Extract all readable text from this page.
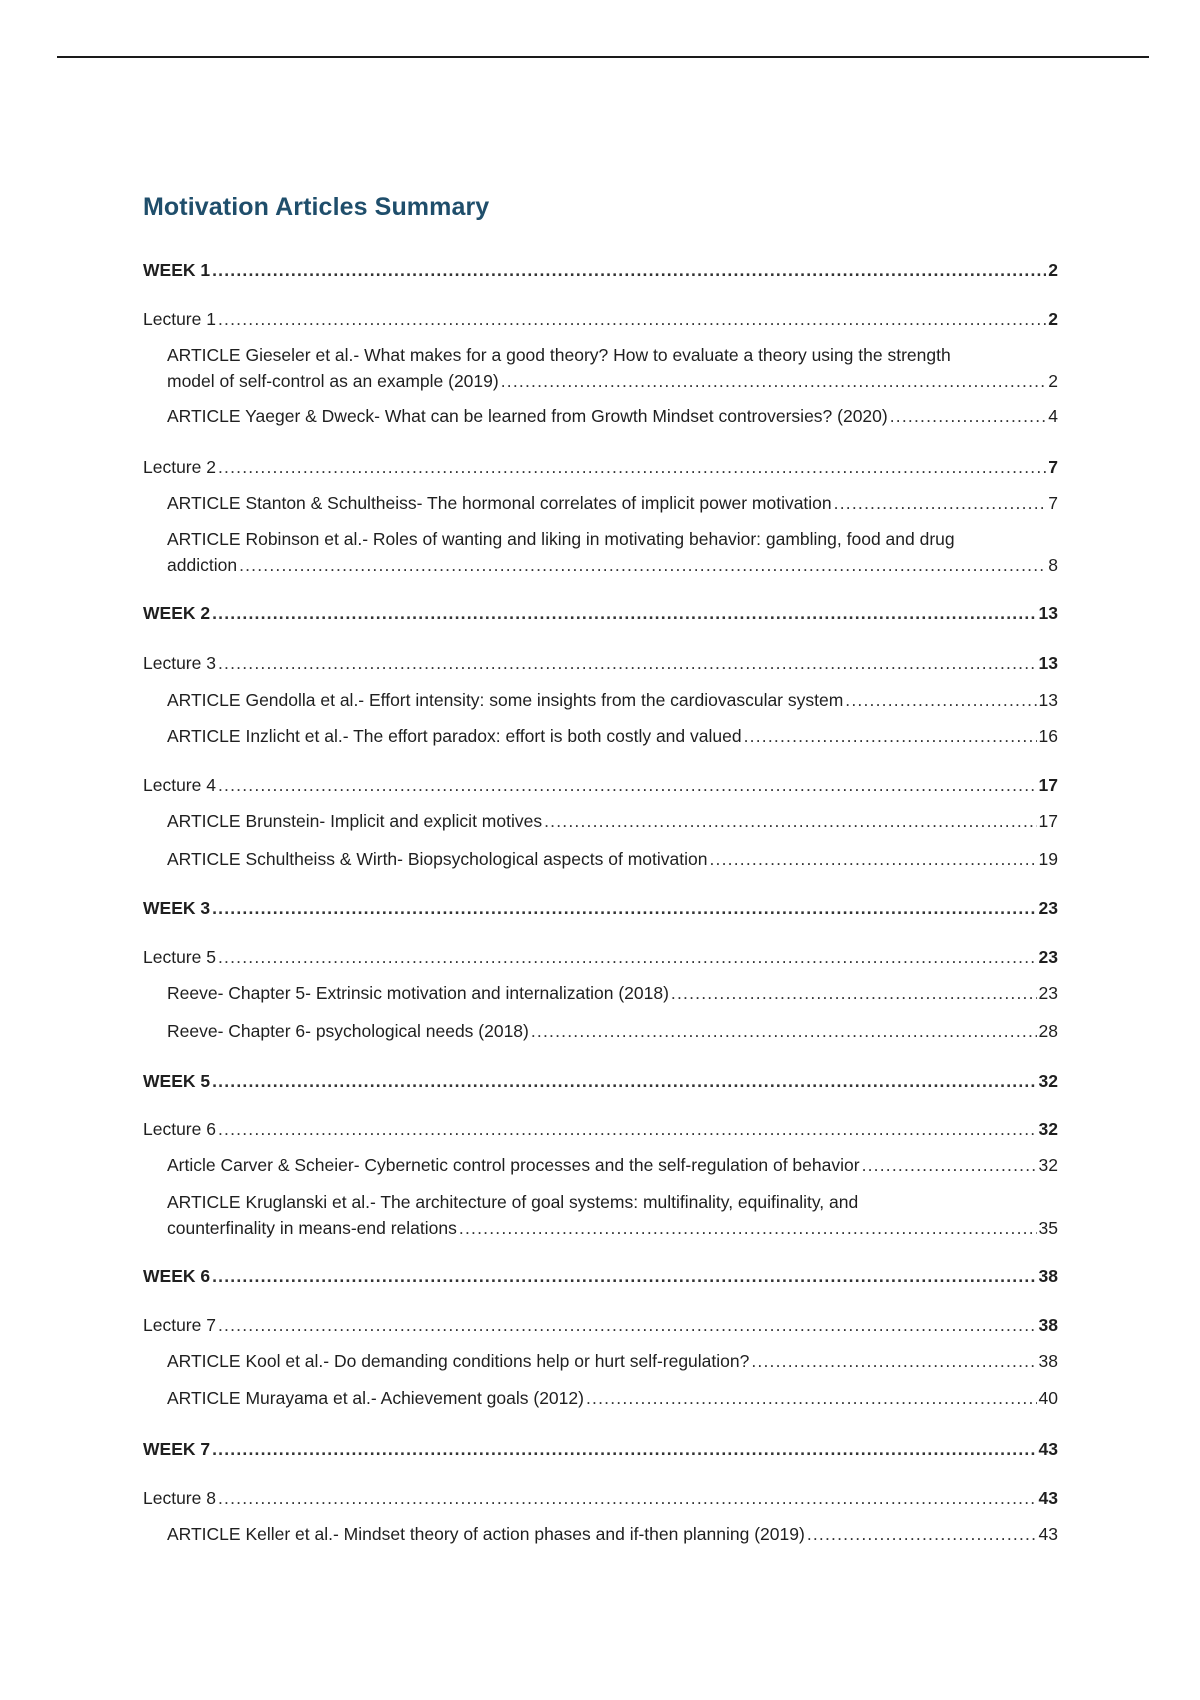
Motivation Articles Summary
WEEK 1 .....	2
Lecture 1 .....	2
ARTICLE Gieseler et al.- What makes for a good theory? How to evaluate a theory using the strength
model of self-control as an example (2019) .....	2
ARTICLE Yaeger & Dweck- What can be learned from Growth Mindset controversies? (2020) .....	4
Lecture 2 .....	7
ARTICLE Stanton & Schultheiss- The hormonal correlates of implicit power motivation .....	7
ARTICLE Robinson et al.- Roles of wanting and liking in motivating behavior: gambling, food and drug
addiction .....	8
WEEK 2 .....	13
Lecture 3 .....	13
ARTICLE Gendolla et al.- Effort intensity: some insights from the cardiovascular system .....	13
ARTICLE Inzlicht et al.- The effort paradox: effort is both costly and valued .....	16
Lecture 4 .....	17
ARTICLE Brunstein- Implicit and explicit motives .....	17
ARTICLE Schultheiss & Wirth- Biopsychological aspects of motivation .....	19
WEEK 3 .....	23
Lecture 5 .....	23
Reeve- Chapter 5- Extrinsic motivation and internalization (2018) .....	23
Reeve- Chapter 6- psychological needs (2018) .....	28
WEEK 5 .....	32
Lecture 6 .....	32
Article Carver & Scheier- Cybernetic control processes and the self-regulation of behavior .....	32
ARTICLE Kruglanski et al.- The architecture of goal systems: multifinality, equifinality, and
counterfinality in means-end relations .....	35
WEEK 6 .....	38
Lecture 7 .....	38
ARTICLE Kool et al.- Do demanding conditions help or hurt self-regulation? .....	38
ARTICLE Murayama et al.- Achievement goals (2012) .....	40
WEEK 7 .....	43
Lecture 8 .....	43
ARTICLE Keller et al.- Mindset theory of action phases and if-then planning (2019) .....	43
